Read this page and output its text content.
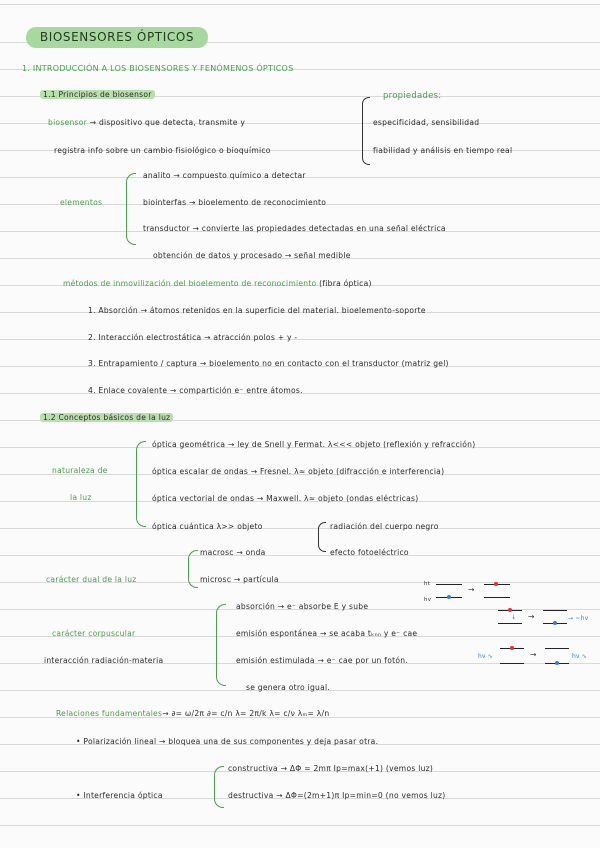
BIOSENSORES ÓPTICOS
1. INTRODUCCIÓN A LOS BIOSENSORES Y FENÓMENOS ÓPTICOS
1.1 Principios de biosensor	propiedades:
especificidad, sensibilidad
fiabilidad y análisis en tiempo real
biosensor → dispositivo que detecta, transmite y
registra info sobre un cambio fisiológico o bioquímico
elementos
analito → compuesto químico a detectar
biointerfas → bioelemento de reconocimiento
transductor → convierte las propiedades detectadas en una señal eléctrica
obtención de datos y procesado → señal medible
métodos de inmovilización del bioelemento de reconocimiento (fibra óptica)
1. Absorción → átomos retenidos en la superficie del material. bioelemento-soporte
2. Interacción electrostática → atracción polos + y -
3. Entrapamiento / captura → bioelemento no en contacto con el transductor (matriz gel)
4. Enlace covalente → compartición e⁻ entre átomos.
1.2 Conceptos básicos de la luz
naturaleza de
la luz
óptica geométrica → ley de Snell y Fermat. λ<<< objeto (reflexión y refracción)
óptica escalar de ondas → Fresnel. λ≈ objeto (difracción e interferencia)
óptica vectorial de ondas → Maxwell. λ≈ objeto (ondas eléctricas)
óptica cuántica λ>> objeto	radiación del cuerpo negro
efecto fotoeléctrico
carácter dual de la luz
macrosc → onda
microsc → partícula
carácter corpuscular
interacción radiación-materia
absorción → e⁻ absorbe E y sube
emisión espontánea → se acaba tₖₙₙ y e⁻ cae
emisión estimulada → e⁻ cae por un fotón.
se genera otro igual.
ht
hv
→
↓ →	→ ~hv
hν ∿	→	hν ∿
Relaciones fundamentales→ ∂= ω/2π ∂= c/n λ= 2π/k λ= c/ν λₘ= λ/n
• Polarización lineal → bloquea una de sus componentes y deja pasar otra.
• Interferencia óptica
constructiva → ΔΦ = 2mπ Ip=max(+1) (vemos luz)
destructiva → ΔΦ=(2m+1)π Ip=min=0 (no vemos luz)
